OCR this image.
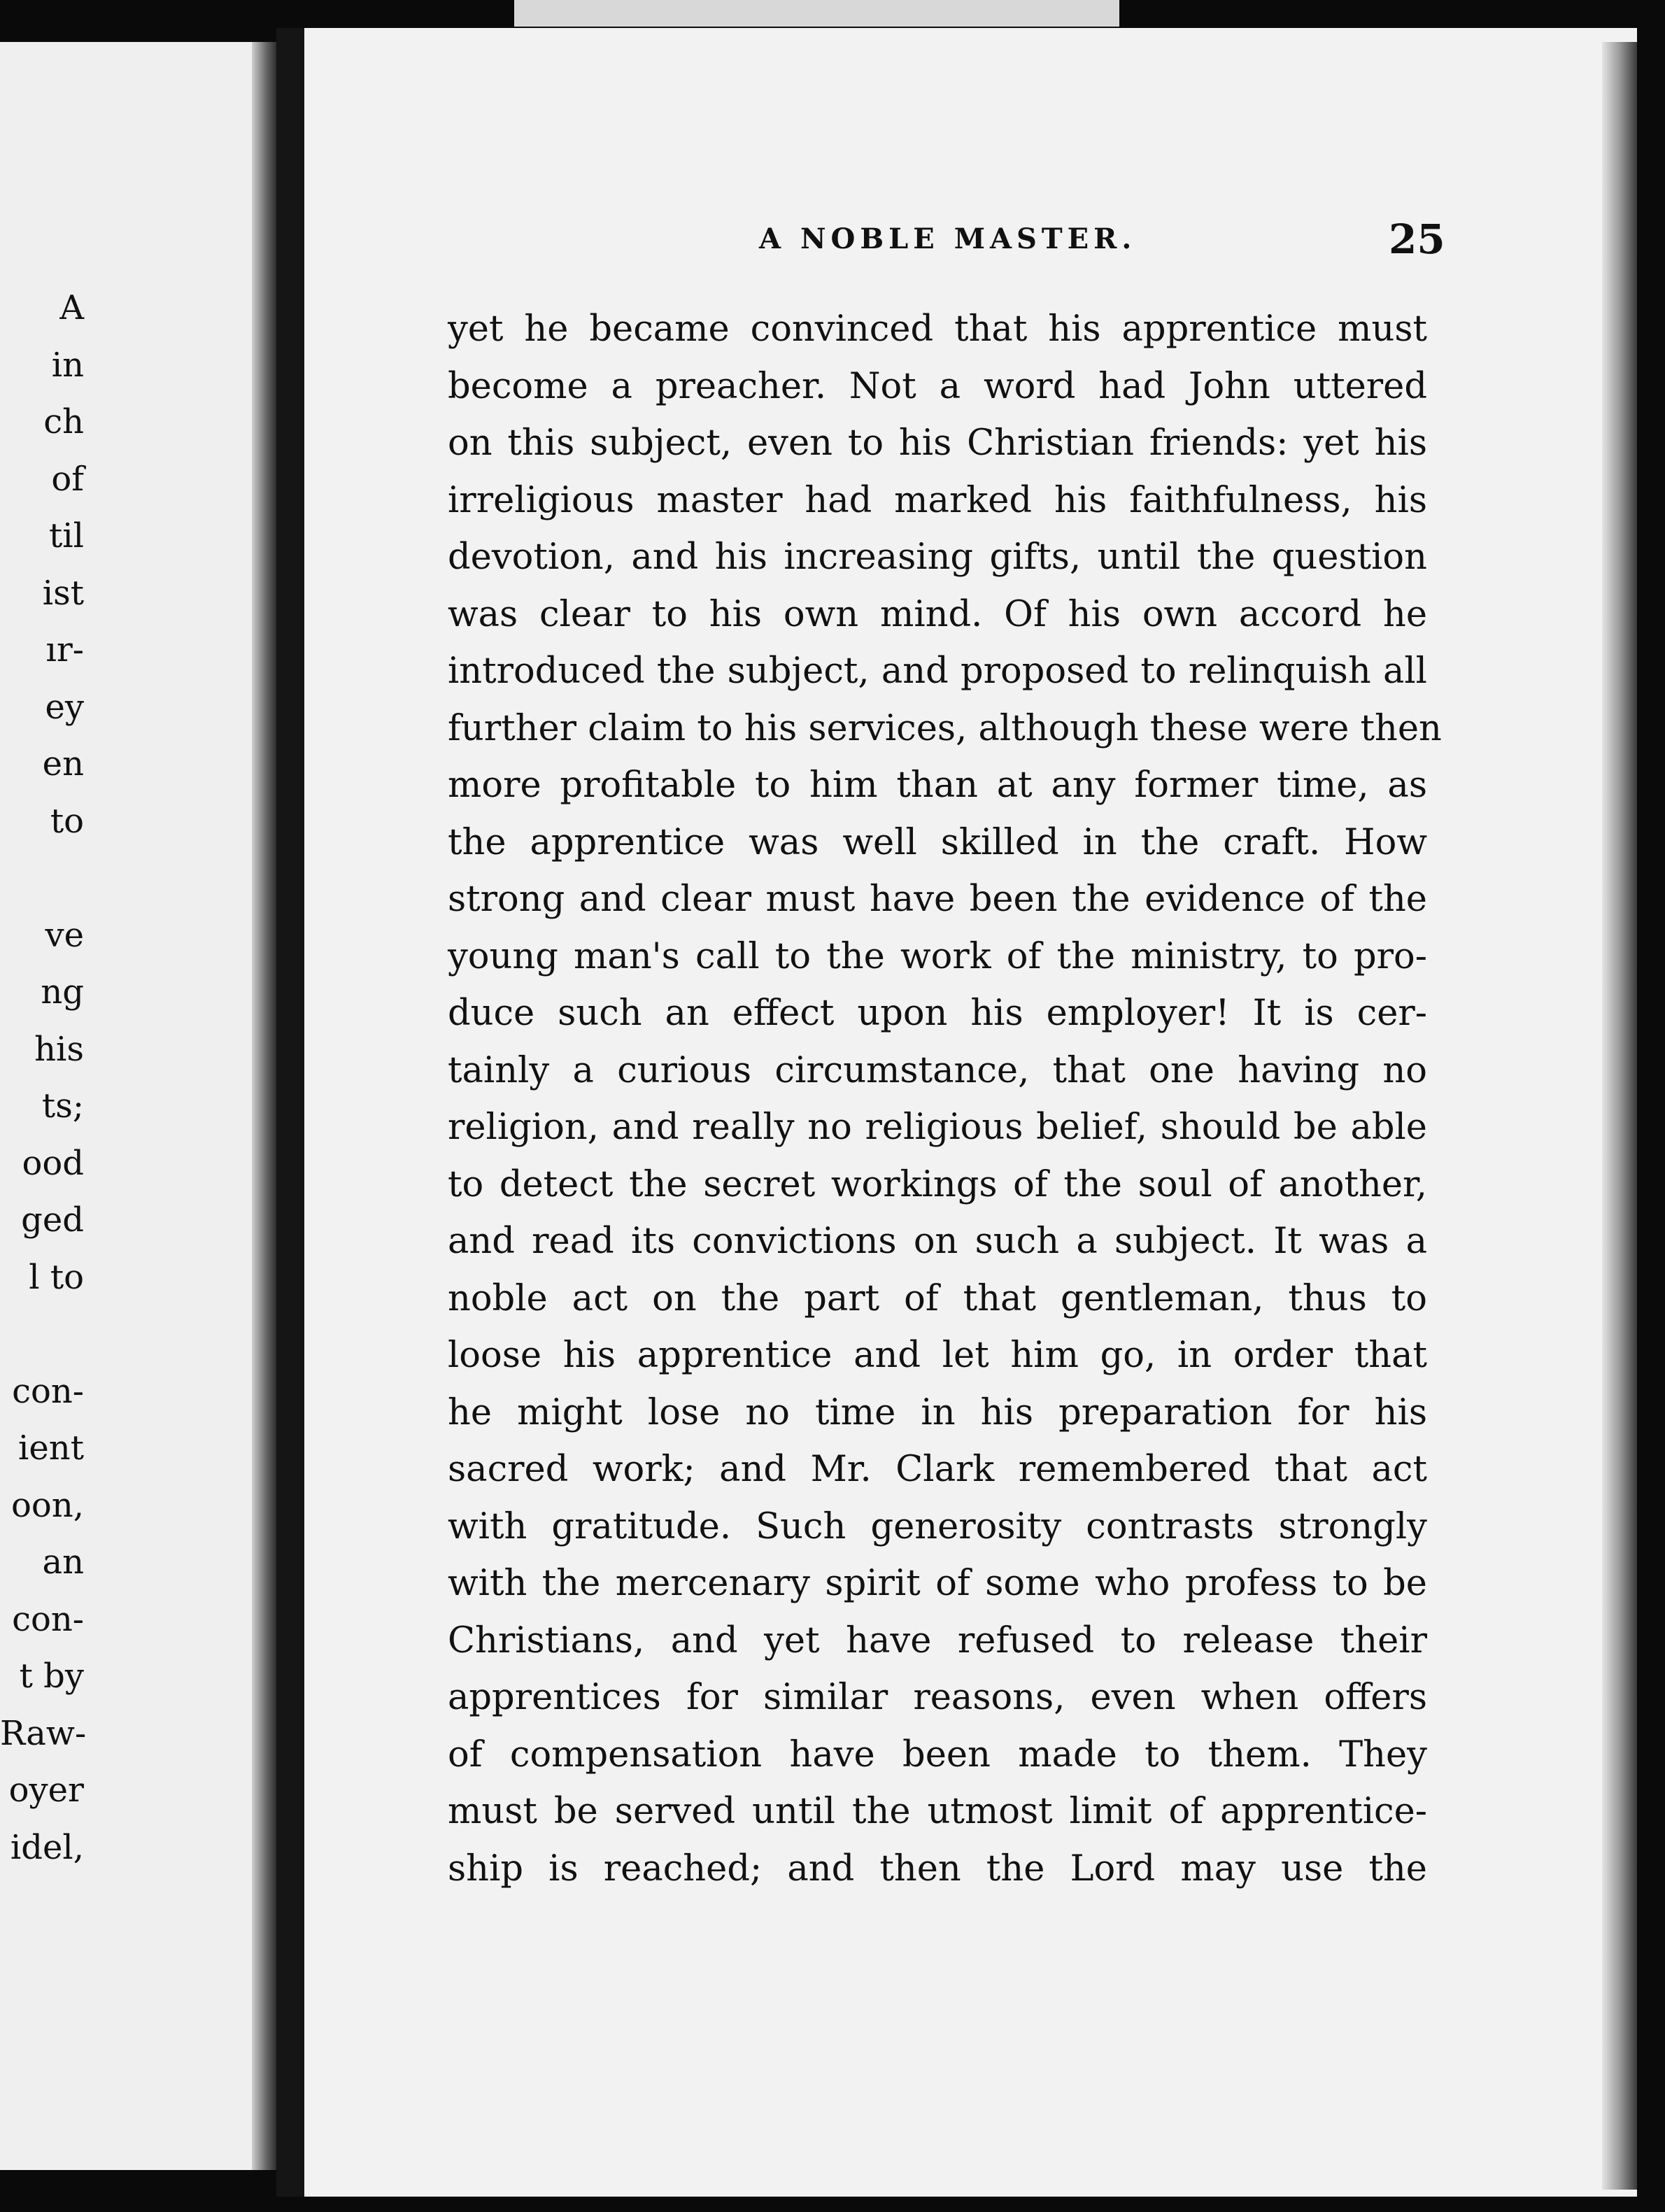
A
in
ch
of
til
ist
ır-
ey
en
to
ve
ng
his
ts;
ood
ged
l to
con-
ient
oon,
an
con-
t by
Raw-
oyer
idel,
A NOBLE MASTER.	25
yet he became convinced that his apprentice must
become a preacher. Not a word had John uttered
on this subject, even to his Christian friends: yet his
irreligious master had marked his faithfulness, his
devotion, and his increasing gifts, until the question
was clear to his own mind. Of his own accord he
introduced the subject, and proposed to relinquish all
further claim to his services, although these were then
more profitable to him than at any former time, as
the apprentice was well skilled in the craft. How
strong and clear must have been the evidence of the
young man's call to the work of the ministry, to pro-
duce such an effect upon his employer! It is cer-
tainly a curious circumstance, that one having no
religion, and really no religious belief, should be able
to detect the secret workings of the soul of another,
and read its convictions on such a subject. It was a
noble act on the part of that gentleman, thus to
loose his apprentice and let him go, in order that
he might lose no time in his preparation for his
sacred work; and Mr. Clark remembered that act
with gratitude. Such generosity contrasts strongly
with the mercenary spirit of some who profess to be
Christians, and yet have refused to release their
apprentices for similar reasons, even when offers
of compensation have been made to them. They
must be served until the utmost limit of apprentice-
ship is reached; and then the Lord may use the
